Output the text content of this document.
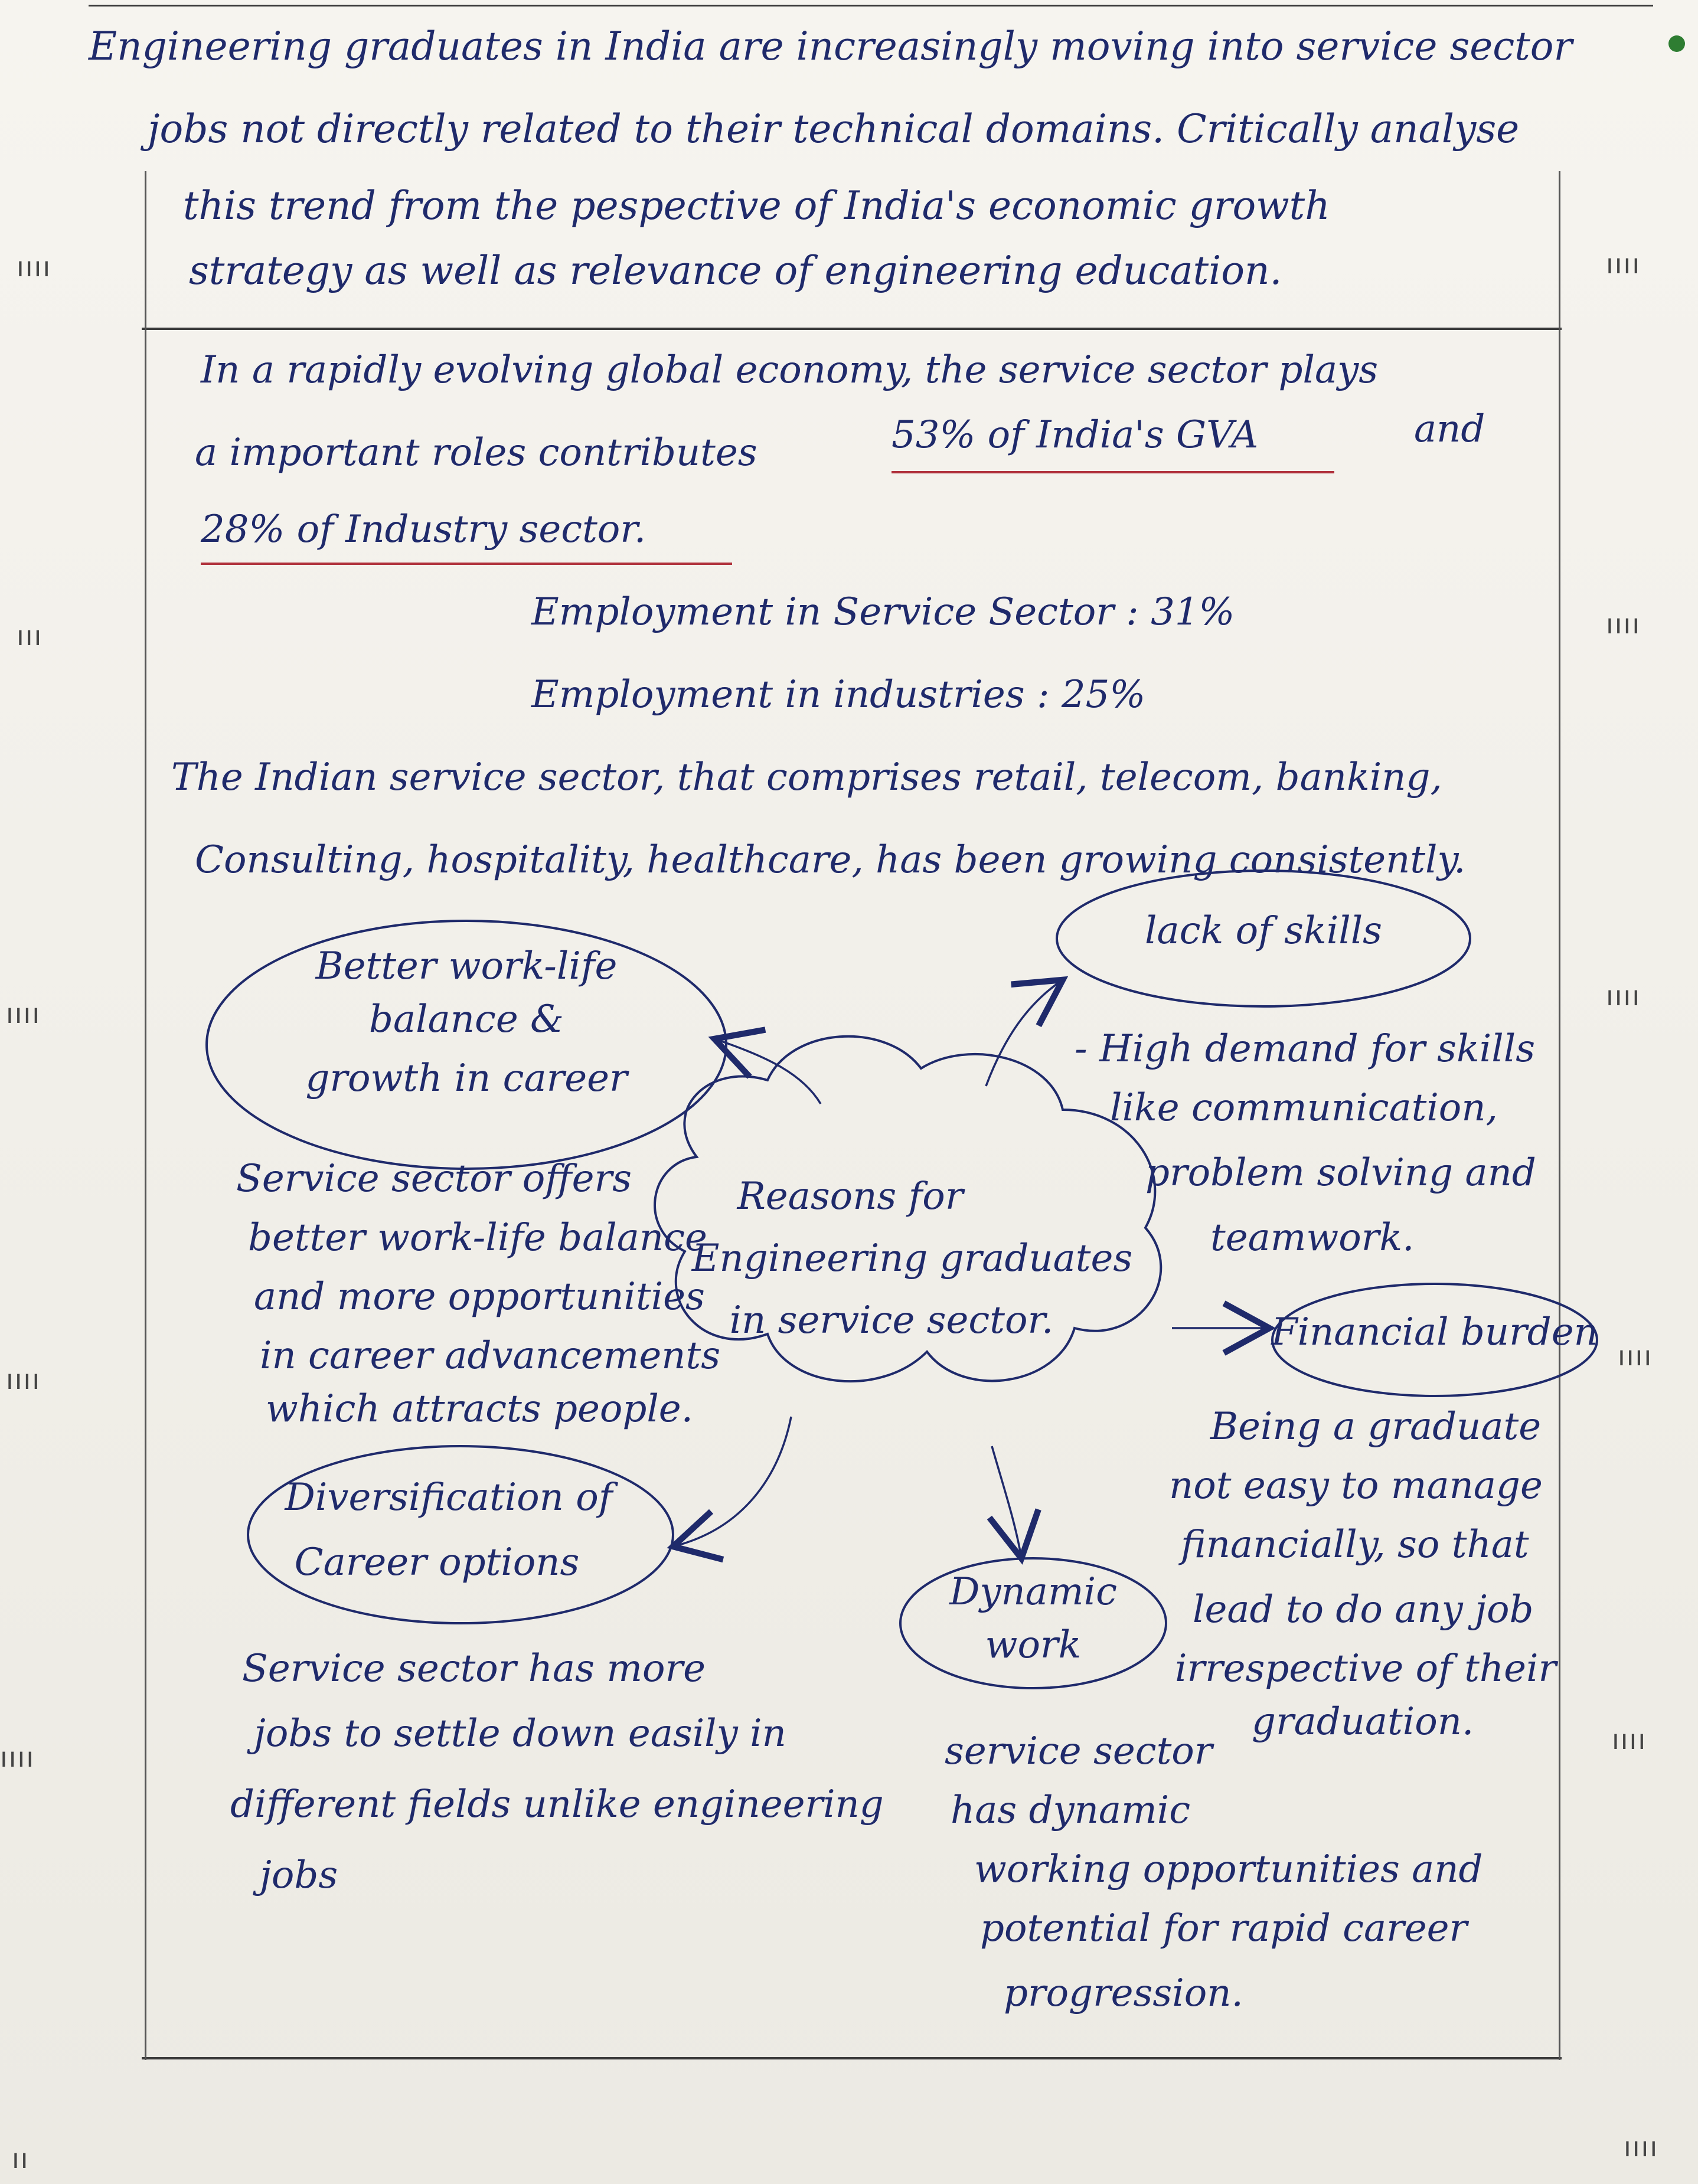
ıııı
ııı
ıııı
ıııı
ıııı
ıııı
ıııı
ıııı
ıııı
ıııı
ıııı
ıı
Engineering graduates in India are increasingly moving into service sector
jobs not directly related to their technical domains. Critically analyse
this trend from the pespective of India's economic growth
strategy as well as relevance of engineering education.
In a rapidly evolving global economy, the service sector plays
a important roles contributes	53% of India's GVA	and
28% of Industry sector.
Employment in Service Sector : 31%
Employment in industries : 25%
The Indian service sector, that comprises retail, telecom, banking,
Consulting, hospitality, healthcare, has been growing consistently.
Reasons for
Engineering graduates
in service sector.
Better work-life
balance &
growth in career
Service sector offers
better work-life balance
and more opportunities
in career advancements
which attracts people.
lack of skills
- High demand for skills
like communication,
problem solving and
teamwork.
Financial burden
Being a graduate
not easy to manage
financially, so that
lead to do any job
irrespective of their
graduation.
Diversification of
Career options
Service sector has more
jobs to settle down easily in
different fields unlike engineering
jobs
Dynamic
work
service sector
has dynamic
working opportunities and
potential for rapid career
progression.
